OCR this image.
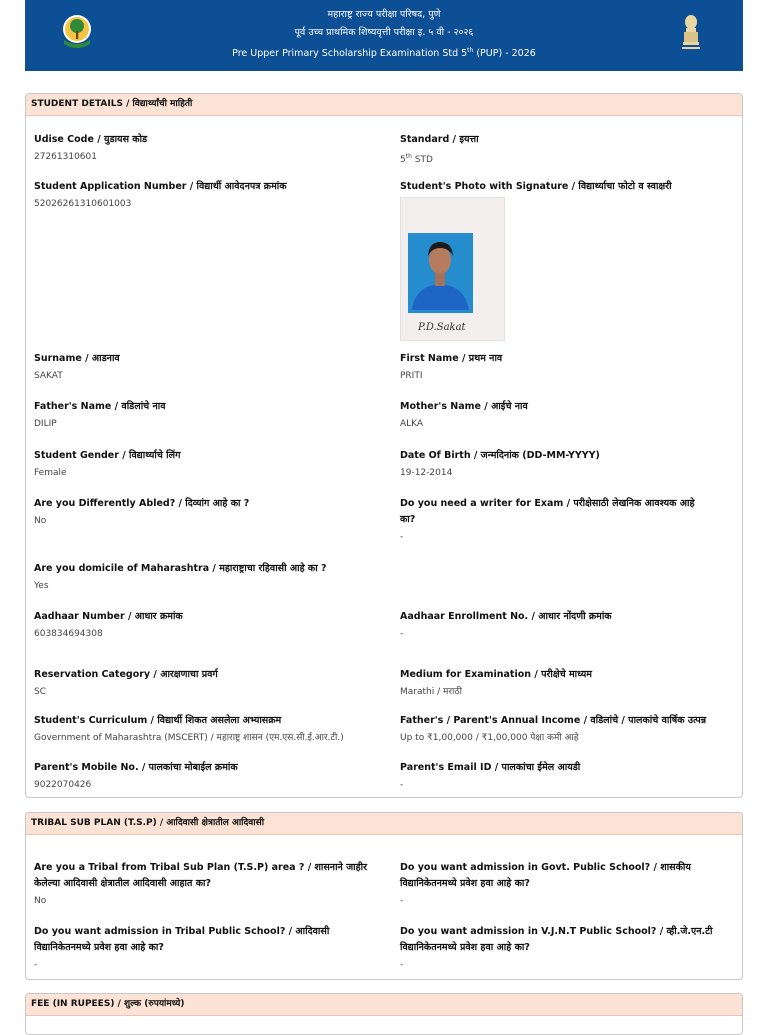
महाराष्ट्र राज्य परीक्षा परिषद, पुणे
पूर्व उच्च प्राथमिक शिष्यवृत्ती परीक्षा इ. ५ वी - २०२६
Pre Upper Primary Scholarship Examination Std 5th (PUP) - 2026
STUDENT DETAILS / विद्यार्थ्यांची माहिती
Udise Code / युडायस कोड
27261310601
Standard / इयत्ता
5th STD
Student Application Number / विद्यार्थी आवेदनपत्र क्रमांक
52026261310601003
Student's Photo with Signature / विद्यार्थ्याचा फोटो व स्वाक्षरी
P.D.Sakat
Surname / आडनाव
SAKAT
First Name / प्रथम नाव
PRITI
Father's Name / वडिलांचे नाव
DILIP
Mother's Name / आईचे नाव
ALKA
Student Gender / विद्यार्थ्याचे लिंग
Female
Date Of Birth / जन्मदिनांक (DD-MM-YYYY)
19-12-2014
Are you Differently Abled? / दिव्यांग आहे का ?
No
Do you need a writer for Exam / परीक्षेसाठी लेखनिक आवश्यक आहे
का?
-
Are you domicile of Maharashtra / महाराष्ट्राचा रहिवासी आहे का ?
Yes
Aadhaar Number / आधार क्रमांक
603834694308
Aadhaar Enrollment No. / आधार नोंदणी क्रमांक
-
Reservation Category / आरक्षणाचा प्रवर्ग
SC
Medium for Examination / परीक्षेचे माध्यम
Marathi / मराठी
Student's Curriculum / विद्यार्थी शिकत असलेला अभ्यासक्रम
Government of Maharashtra (MSCERT) / महाराष्ट्र शासन (एम.एस.सी.ई.आर.टी.)
Father's / Parent's Annual Income / वडिलांचे / पालकांचे वार्षिक उत्पन्न
Up to ₹1,00,000 / ₹1,00,000 पेक्षा कमी आहे
Parent's Mobile No. / पालकांचा मोबाईल क्रमांक
9022070426
Parent's Email ID / पालकांचा ईमेल आयडी
-
TRIBAL SUB PLAN (T.S.P) / आदिवासी क्षेत्रातील आदिवासी
Are you a Tribal from Tribal Sub Plan (T.S.P) area ? / शासनाने जाहीर
केलेल्या आदिवासी क्षेत्रातील आदिवासी आहात का?
No
Do you want admission in Govt. Public School? / शासकीय
विद्यानिकेतनमध्ये प्रवेश हवा आहे का?
-
Do you want admission in Tribal Public School? / आदिवासी
विद्यानिकेतनमध्ये प्रवेश हवा आहे का?
-
Do you want admission in V.J.N.T Public School? / व्ही.जे.एन.टी
विद्यानिकेतनमध्ये प्रवेश हवा आहे का?
-
FEE (IN RUPEES) / शुल्क (रुपयांमध्ये)
